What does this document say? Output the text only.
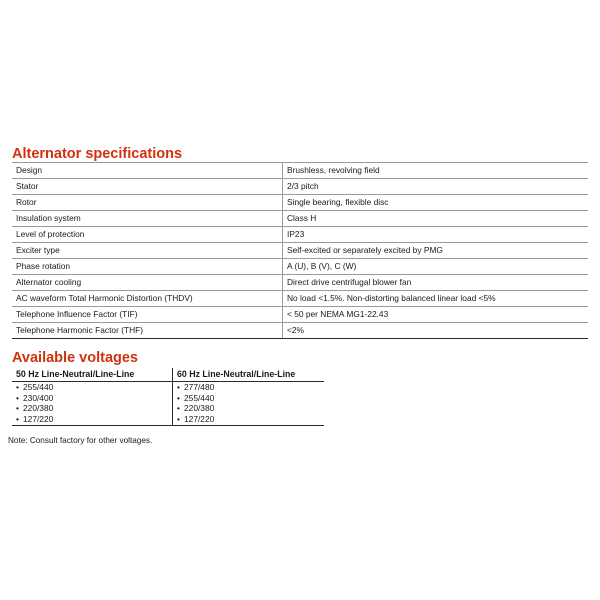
Alternator specifications
Design	Brushless, revolving field
Stator	2/3 pitch
Rotor	Single bearing, flexible disc
Insulation system	Class H
Level of protection	IP23
Exciter type	Self-excited or separately excited by PMG
Phase rotation	A (U), B (V), C (W)
Alternator cooling	Direct drive centrifugal blower fan
AC waveform Total Harmonic Distortion (THDV)	No load <1.5%. Non-distorting balanced linear load <5%
Telephone Influence Factor (TIF)	< 50 per NEMA MG1-22.43
Telephone Harmonic Factor (THF)	<2%
Available voltages
50 Hz Line-Neutral/Line-Line	60 Hz Line-Neutral/Line-Line
• 255/440	• 277/480
• 230/400	• 255/440
• 220/380	• 220/380
• 127/220	• 127/220

Note: Consult factory for other voltages.
